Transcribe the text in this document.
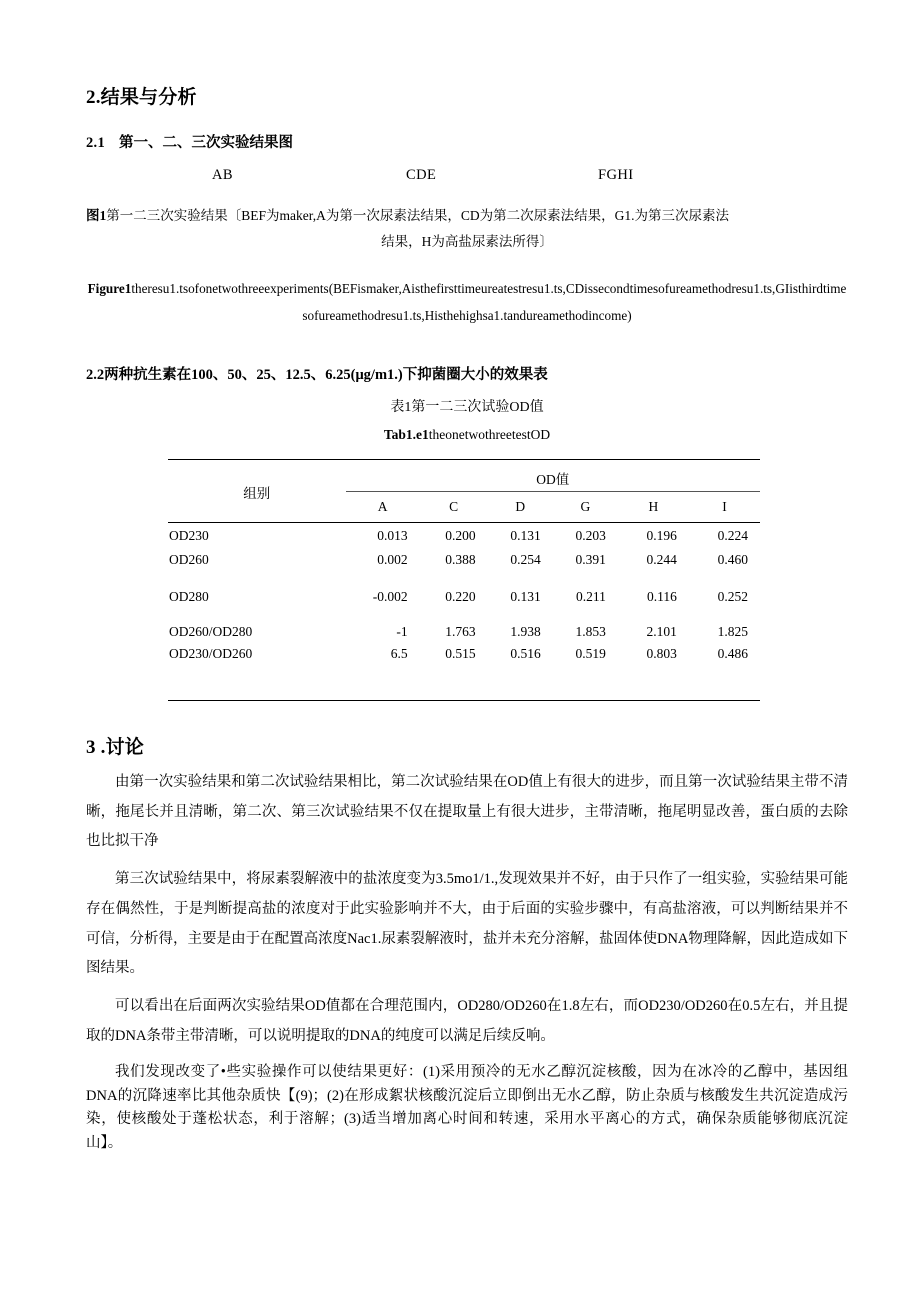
2.结果与分析
2.1 第一、二、三次实验结果图
AB	CDE	FGHI

图1第一二三次实验结果〔BEF为maker,A为第一次尿素法结果，CD为第二次尿素法结果，G1.为第三次尿素法

结果，H为高盐尿素法所得〕

Figure1theresu1.tsofonetwothreeexperiments(BEFismaker,Aisthefirsttimeureatestresu1.ts,CDissecondtimesofureamethodresu1.ts,GIisthirdtimesofureamethodresu1.ts,Histhehighsa1.tandureamethodincome)

2.2两种抗生素在100、50、25、12.5、6.25(μg/m1.)下抑菌圈大小的效果表
表1第一二三次试验OD值
Tab1.e1theonetwothreetestOD

组别	OD值					
	A	C	D	G	H	I

OD230	0.013	0.200	0.131	0.203	0.196	0.224
OD260	0.002	0.388	0.254	0.391	0.244	0.460
OD280	-0.002	0.220	0.131	0.211	0.116	0.252
OD260/OD280	-1	1.763	1.938	1.853	2.101	1.825
OD230/OD260	6.5	0.515	0.516	0.519	0.803	0.486

3 .讨论

由第一次实验结果和第二次试验结果相比，第二次试验结果在OD值上有很大的进步，而且第一次试验结果主带不清晰，拖尾长并且清晰，第二次、第三次试验结果不仅在提取量上有很大进步，主带清晰，拖尾明显改善，蛋白质的去除也比拟干净

第三次试验结果中，将尿素裂解液中的盐浓度变为3.5mo1/1.,发现效果并不好，由于只作了一组实验，实验结果可能存在偶然性，于是判断提高盐的浓度对于此实验影响并不大，由于后面的实验步骤中，有高盐溶液，可以判断结果并不可信，分析得，主要是由于在配置高浓度Nac1.尿素裂解液时，盐并未充分溶解，盐固体使DNA物理降解，因此造成如下图结果。

可以看出在后面两次实验结果OD值都在合理范围内，OD280/OD260在1.8左右，而OD230/OD260在0.5左右，并且提取的DNA条带主带清晰，可以说明提取的DNA的纯度可以满足后续反响。

我们发现改变了•些实验操作可以使结果更好：(1)采用预冷的无水乙醇沉淀核酸，因为在冰冷的乙醇中，基因组DNA的沉降速率比其他杂质快【(9)；(2)在形成絮状核酸沉淀后立即倒出无水乙醇，防止杂质与核酸发生共沉淀造成污染，使核酸处于蓬松状态，利于溶解；(3)适当增加离心时间和转速，采用水平离心的方式，确保杂质能够彻底沉淀山】。
